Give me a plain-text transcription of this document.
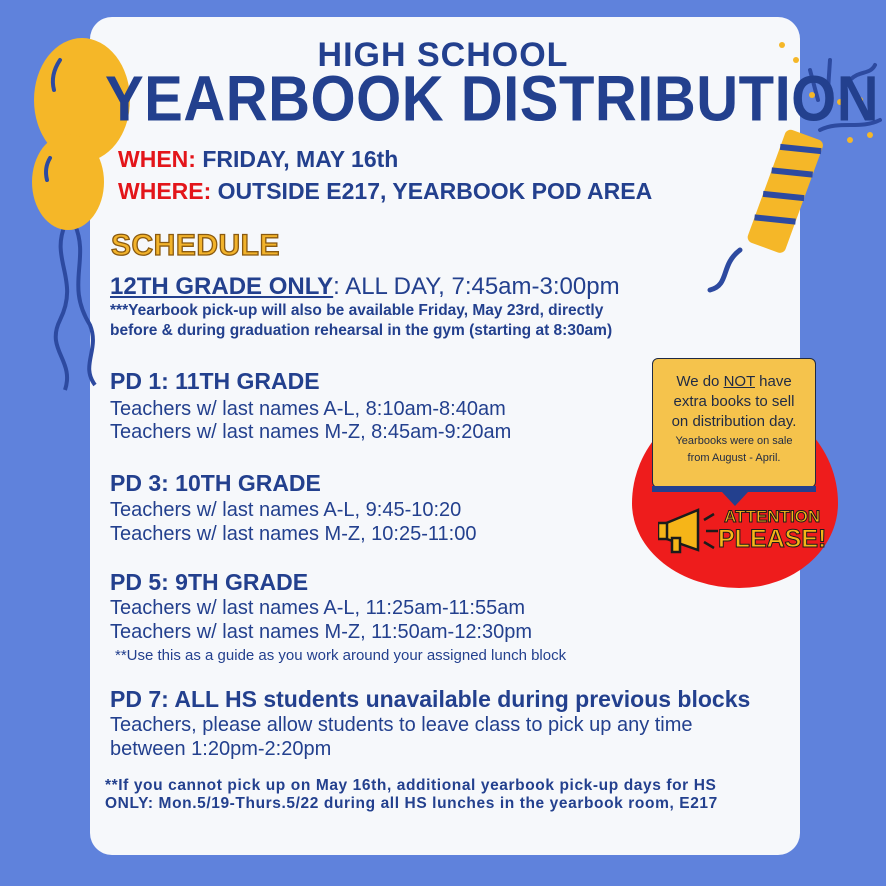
HIGH SCHOOL
YEARBOOK DISTRIBUTION
WHEN: FRIDAY, MAY 16th
WHERE: OUTSIDE E217, YEARBOOK POD AREA
SCHEDULE
12TH GRADE ONLY: ALL DAY, 7:45am-3:00pm
***Yearbook pick-up will also be available Friday, May 23rd, directly
before & during graduation rehearsal in the gym (starting at 8:30am)
PD 1: 11TH GRADE
Teachers w/ last names A-L, 8:10am-8:40am
Teachers w/ last names M-Z, 8:45am-9:20am
PD 3: 10TH GRADE
Teachers w/ last names A-L, 9:45-10:20
Teachers w/ last names M-Z, 10:25-11:00
PD 5: 9TH GRADE
Teachers w/ last names A-L, 11:25am-11:55am
Teachers w/ last names M-Z, 11:50am-12:30pm
**Use this as a guide as you work around your assigned lunch block
PD 7: ALL HS students unavailable during previous blocks
Teachers, please allow students to leave class to pick up any time
between 1:20pm-2:20pm
**If you cannot pick up on May 16th, additional yearbook pick-up days for HS
ONLY: Mon.5/19-Thurs.5/22 during all HS lunches in the yearbook room, E217
We do NOT have
extra books to sell
on distribution day.
Yearbooks were on sale
from August - April.
ATTENTION
PLEASE!
